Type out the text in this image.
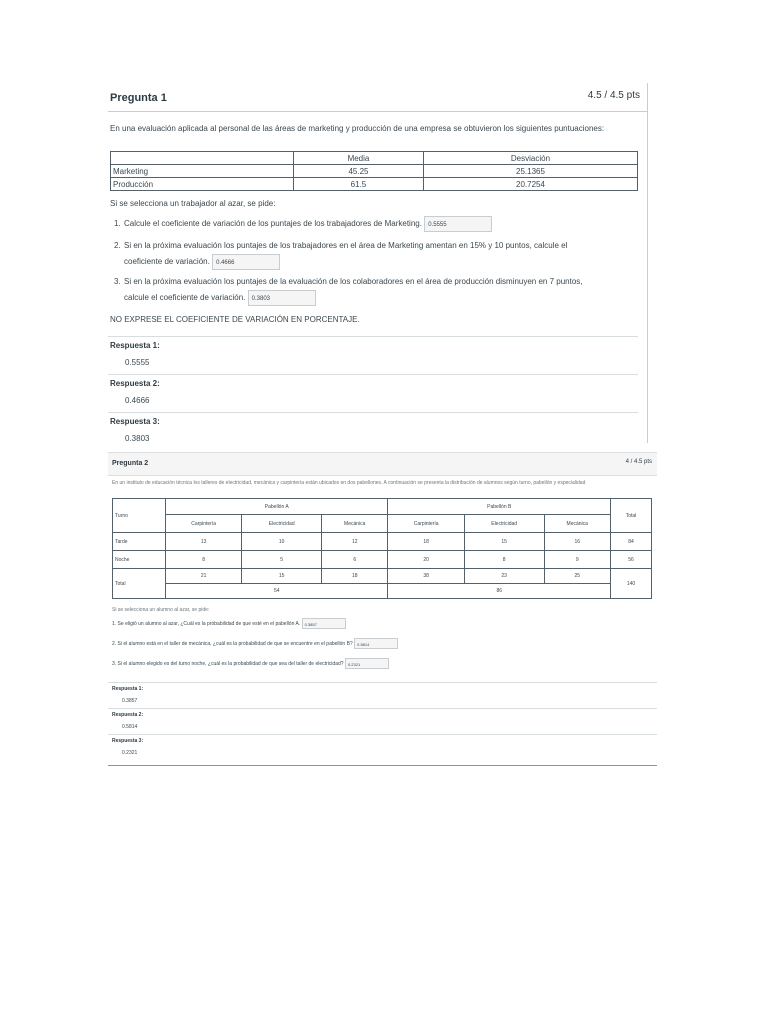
Pregunta 1	4.5 / 4.5 pts
En una evaluación aplicada al personal de las áreas de marketing y producción de una empresa se obtuvieron los siguientes puntuaciones:
	Media	Desviación
Marketing	45.25	25.1365
Producción	61.5	20.7254
Si se selecciona un trabajador al azar, se pide:
1. Calcule el coeficiente de variación de los puntajes de los trabajadores de Marketing. 0.5555
2. Si en la próxima evaluación los puntajes de los trabajadores en el área de Marketing amentan en 15% y 10 puntos, calcule el
coeficiente de variación. 0.4666
3. Si en la próxima evaluación los puntajes de la evaluación de los colaboradores en el área de producción disminuyen en 7 puntos,
calcule el coeficiente de variación. 0.3803
NO EXPRESE EL COEFICIENTE DE VARIACIÓN EN PORCENTAJE.
Respuesta 1:
0.5555
Respuesta 2:
0.4666
Respuesta 3:
0.3803
Pregunta 2	4 / 4.5 pts
En un instituto de educación técnica los talleres de electricidad, mecánica y carpintería están ubicados en dos pabellones. A continuación se presenta la distribución de alumnos según turno, pabellón y especialidad
Turno	Pabellón A			Pabellón B			Total
	Carpintería	Electricidad	Mecánica	Carpintería	Electricidad	Mecánica	
Tarde	13	10	12	18	15	16	84
Noche	8	5	6	20	8	9	56
Total	21	15	18	38	23	25	140
	54			86			
Si se selecciona un alumno al azar, se pide:
1. Se eligió un alumno al azar, ¿Cuál es la probabilidad de que esté en el pabellón A. 0.3857
2. Si el alumno está en el taller de mecánica, ¿cuál es la probabilidad de que se encuentre en el pabellón B? 0.5814
3. Si el alumno elegido es del turno noche, ¿cuál es la probabilidad de que sea del taller de electricidad? 0.2321
Respuesta 1:
0.3857
Respuesta 2:
0.5814
Respuesta 3:
0.2321
